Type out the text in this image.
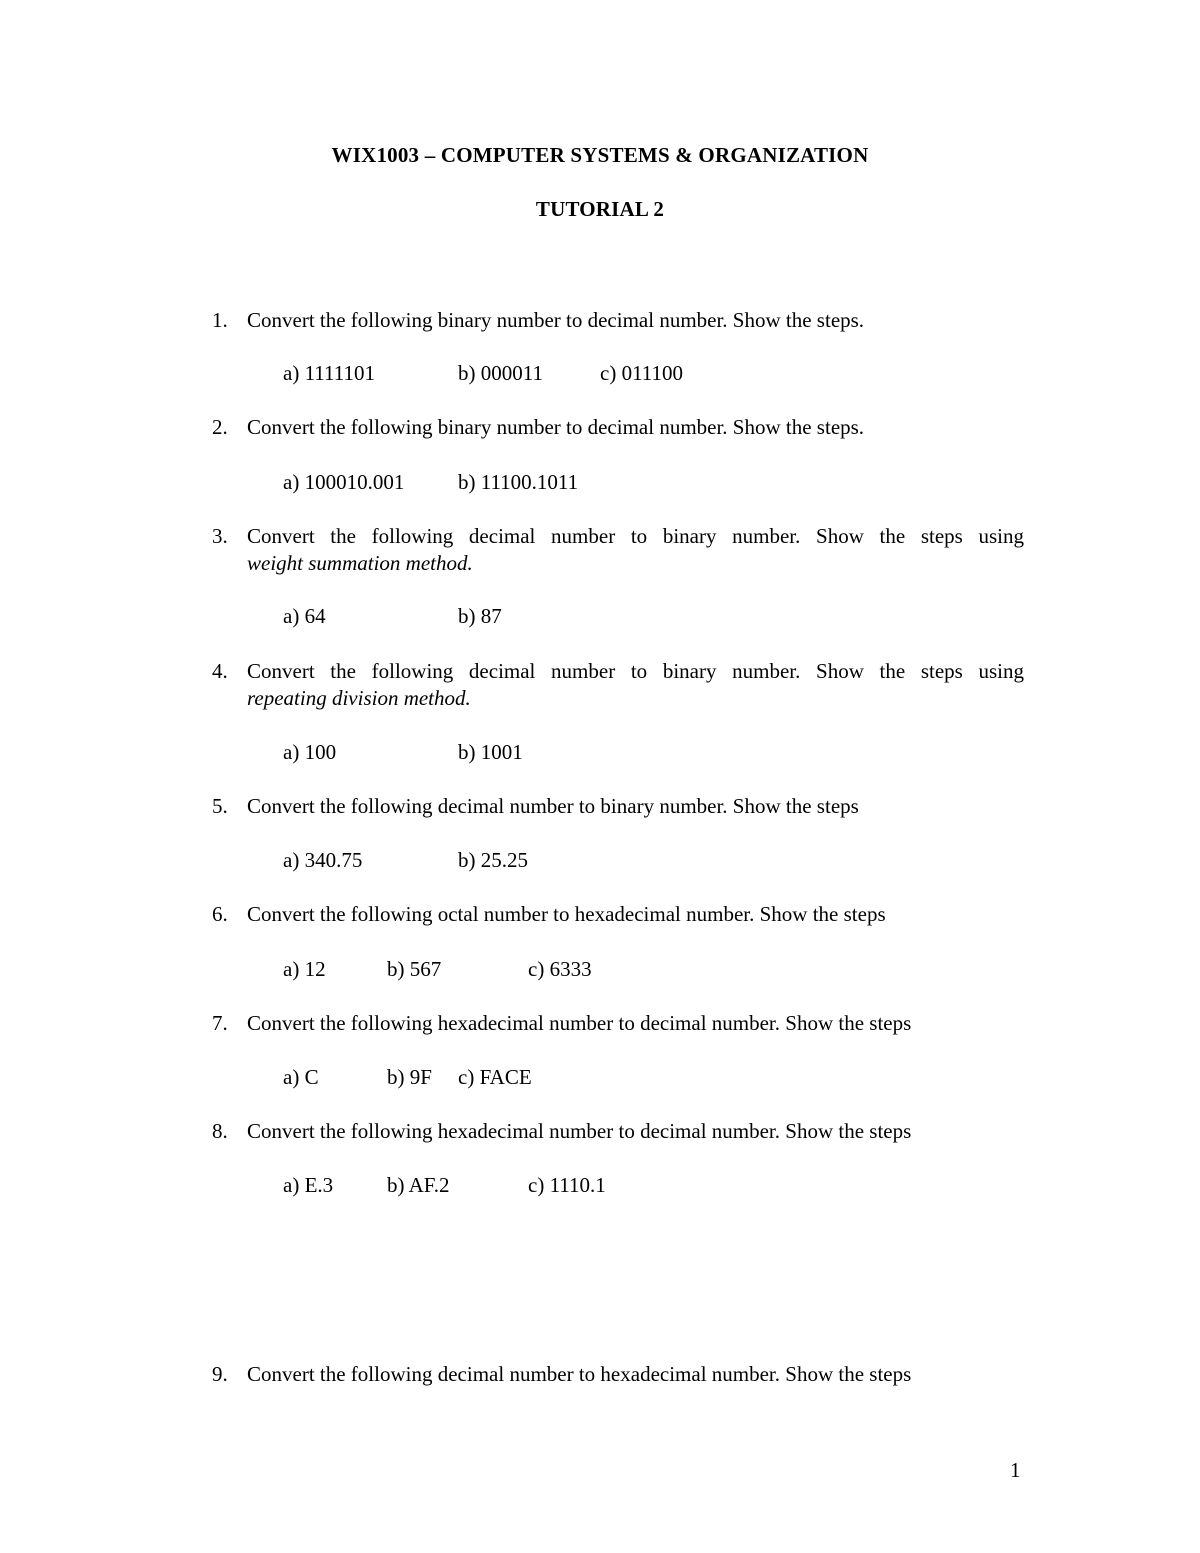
WIX1003 – COMPUTER SYSTEMS & ORGANIZATION
TUTORIAL 2
1. Convert the following binary number to decimal number. Show the steps.
a) 1111101	b) 000011	c) 011100
2. Convert the following binary number to decimal number. Show the steps.
a) 100010.001	b) 11100.1011
3. Convert the following decimal number to binary number. Show the steps using
weight summation method.
a) 64	b) 87
4. Convert the following decimal number to binary number. Show the steps using
repeating division method.
a) 100	b) 1001
5. Convert the following decimal number to binary number. Show the steps
a) 340.75	b) 25.25
6. Convert the following octal number to hexadecimal number. Show the steps
a) 12	b) 567	c) 6333
7. Convert the following hexadecimal number to decimal number. Show the steps
a) C	b) 9F c) FACE
8. Convert the following hexadecimal number to decimal number. Show the steps
a) E.3	b) AF.2	c) 1110.1
9. Convert the following decimal number to hexadecimal number. Show the steps
1
